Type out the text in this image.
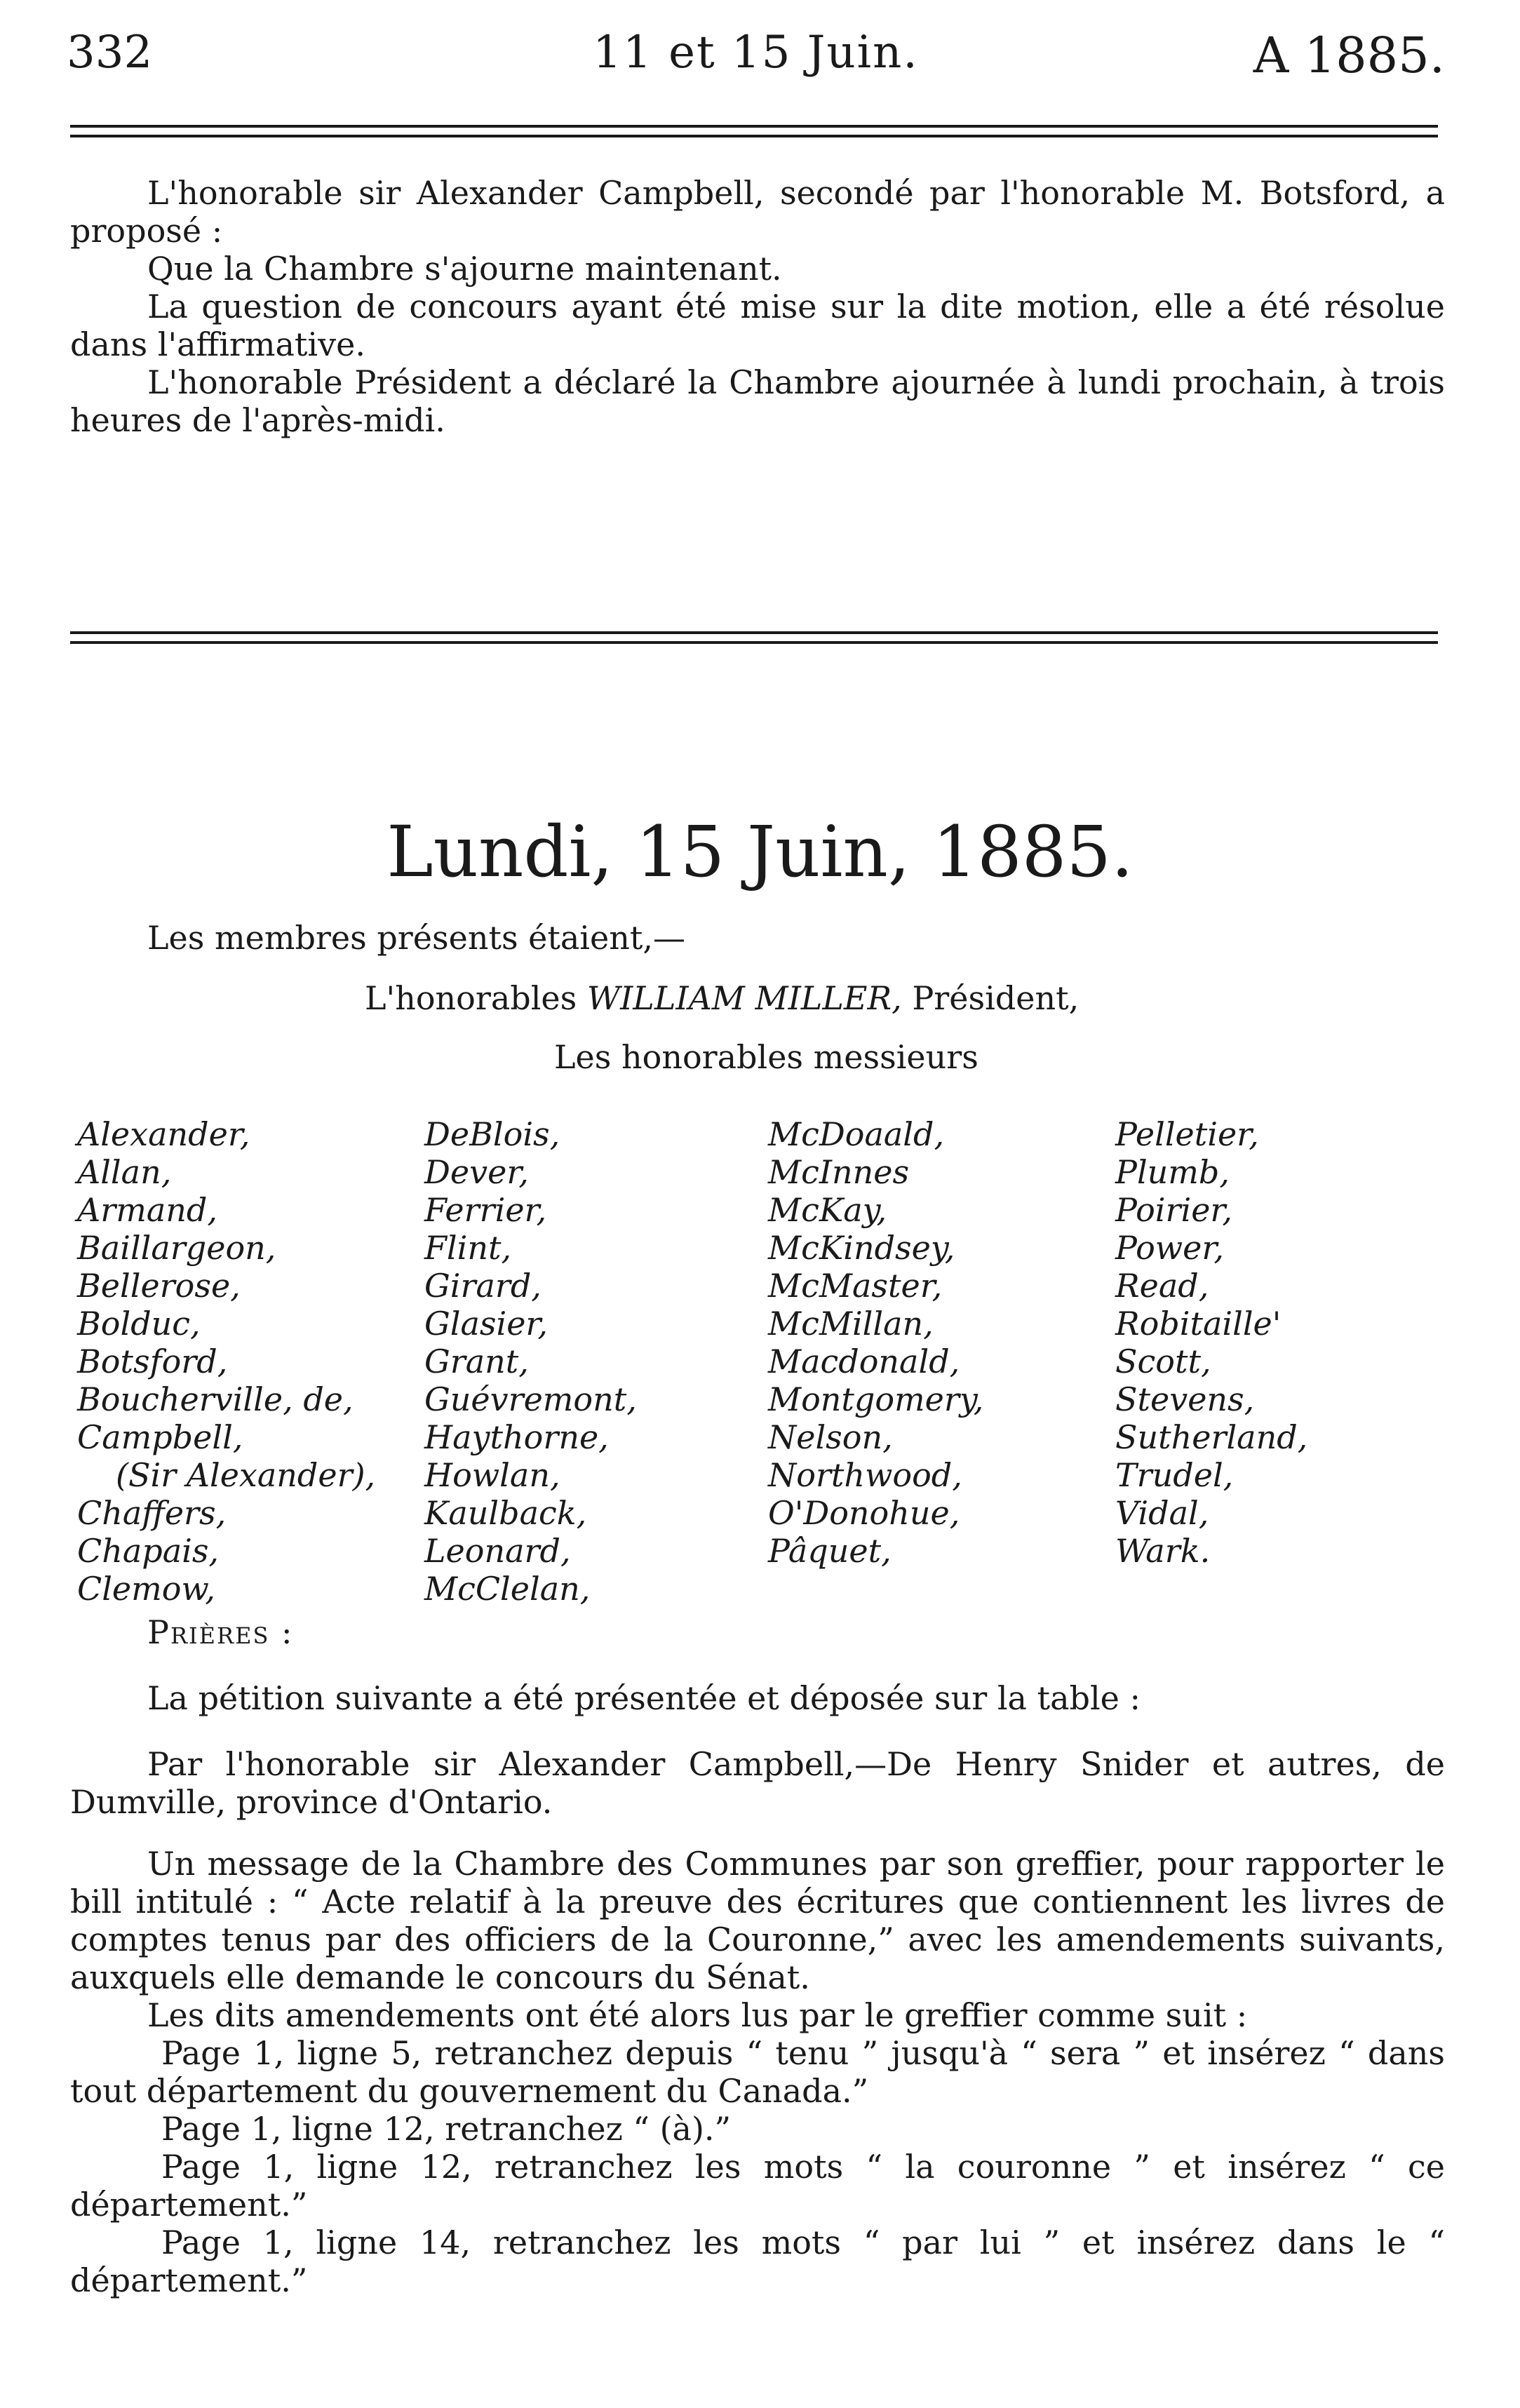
332	11 et 15 Juin.	A 1885.

L'honorable sir Alexander Campbell, secondé par l'honorable M. Botsford, a proposé :

Que la Chambre s'ajourne maintenant.

La question de concours ayant été mise sur la dite motion, elle a été résolue dans l'affirmative.

L'honorable Président a déclaré la Chambre ajournée à lundi prochain, à trois heures de l'après-midi.

Lundi, 15 Juin, 1885.

Les membres présents étaient,—

L'honorables WILLIAM MILLER, Président,

Les honorables messieurs

Alexander,
Allan,
Armand,
Baillargeon,
Bellerose,
Bolduc,
Botsford,
Boucherville, de,
Campbell,
(Sir Alexander),
Chaffers,
Chapais,
Clemow,
DeBlois,
Dever,
Ferrier,
Flint,
Girard,
Glasier,
Grant,
Guévremont,
Haythorne,
Howlan,
Kaulback,
Leonard,
McClelan,
McDoaald,
McInnes
McKay,
McKindsey,
McMaster,
McMillan,
Macdonald,
Montgomery,
Nelson,
Northwood,
O'Donohue,
Pâquet,
Pelletier,
Plumb,
Poirier,
Power,
Read,
Robitaille'
Scott,
Stevens,
Sutherland,
Trudel,
Vidal,
Wark.

Prières :

La pétition suivante a été présentée et déposée sur la table :

Par l'honorable sir Alexander Campbell,—De Henry Snider et autres, de Dumville, province d'Ontario.

Un message de la Chambre des Communes par son greffier, pour rapporter le bill intitulé : “ Acte relatif à la preuve des écritures que contiennent les livres de comptes tenus par des officiers de la Couronne,” avec les amendements suivants, auxquels elle demande le concours du Sénat.

Les dits amendements ont été alors lus par le greffier comme suit :

Page 1, ligne 5, retranchez depuis “ tenu ” jusqu'à “ sera ” et insérez “ dans tout département du gouvernement du Canada.”

Page 1, ligne 12, retranchez “ (à).”

Page 1, ligne 12, retranchez les mots “ la couronne ” et insérez “ ce département.”

Page 1, ligne 14, retranchez les mots “ par lui ” et insérez dans le “ département.”
